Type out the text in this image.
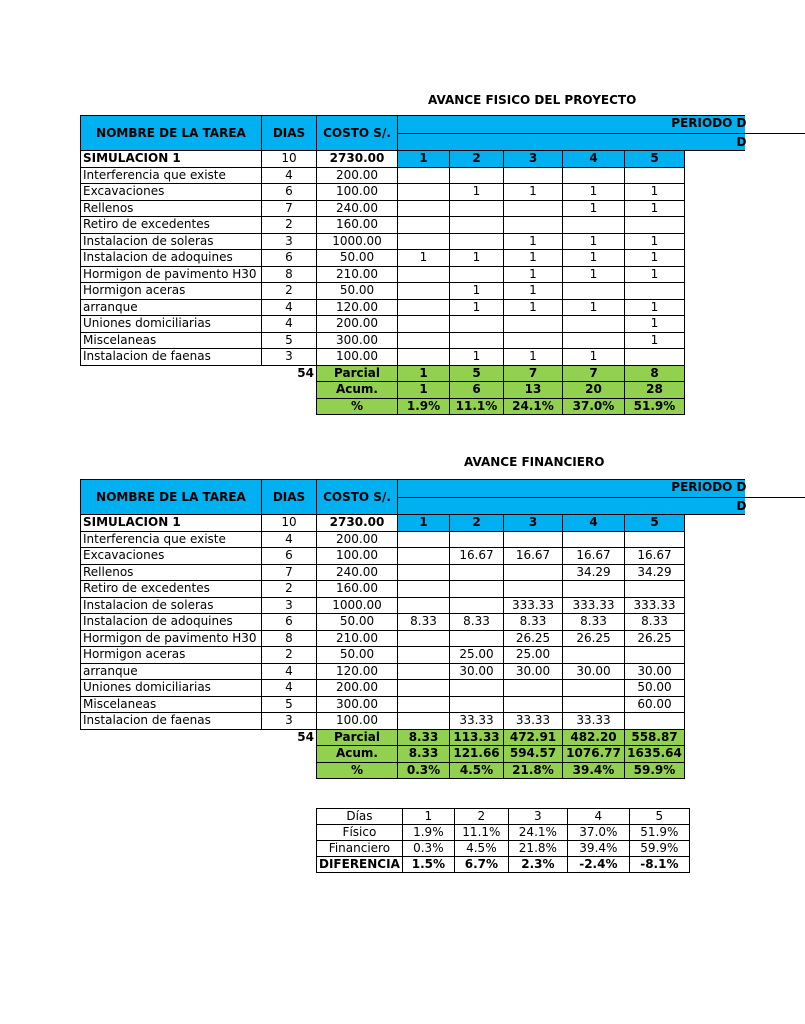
AVANCE FISICO DEL PROYECTO
NOMBRE DE LA TAREA	DIAS	COSTO S/.	PERIODO D
D					

SIMULACION 1	10	2730.00	1	2	3	4	5	
Interferencia que existe	4	200.00						
Excavaciones	6	100.00		1	1	1	1	
Rellenos	7	240.00				1	1	
Retiro de excedentes	2	160.00						
Instalacion de soleras	3	1000.00			1	1	1	
Instalacion de adoquines	6	50.00	1	1	1	1	1	
Hormigon de pavimento H30	8	210.00			1	1	1	
Hormigon aceras	2	50.00		1	1			
arranque	4	120.00		1	1	1	1	
Uniones domiciliarias	4	200.00					1	
Miscelaneas	5	300.00					1	
Instalacion de faenas	3	100.00		1	1	1		
	54	Parcial	1	5	7	7	8	
		Acum.	1	6	13	20	28	
		%	1.9%	11.1%	24.1%	37.0%	51.9%	
AVANCE FINANCIERO
NOMBRE DE LA TAREA	DIAS	COSTO S/.	PERIODO D
D					

SIMULACION 1	10	2730.00	1	2	3	4	5	
Interferencia que existe	4	200.00						
Excavaciones	6	100.00		16.67	16.67	16.67	16.67	
Rellenos	7	240.00				34.29	34.29	
Retiro de excedentes	2	160.00						
Instalacion de soleras	3	1000.00			333.33	333.33	333.33	
Instalacion de adoquines	6	50.00	8.33	8.33	8.33	8.33	8.33	
Hormigon de pavimento H30	8	210.00			26.25	26.25	26.25	
Hormigon aceras	2	50.00		25.00	25.00			
arranque	4	120.00		30.00	30.00	30.00	30.00	
Uniones domiciliarias	4	200.00					50.00	
Miscelaneas	5	300.00					60.00	
Instalacion de faenas	3	100.00		33.33	33.33	33.33		
	54	Parcial	8.33	113.33	472.91	482.20	558.87	
		Acum.	8.33	121.66	594.57	1076.77	1635.64	
		%	0.3%	4.5%	21.8%	39.4%	59.9%	
Días	1	2	3	4	5
Físico	1.9%	11.1%	24.1%	37.0%	51.9%
Financiero	0.3%	4.5%	21.8%	39.4%	59.9%
DIFERENCIA	1.5%	6.7%	2.3%	-2.4%	-8.1%
